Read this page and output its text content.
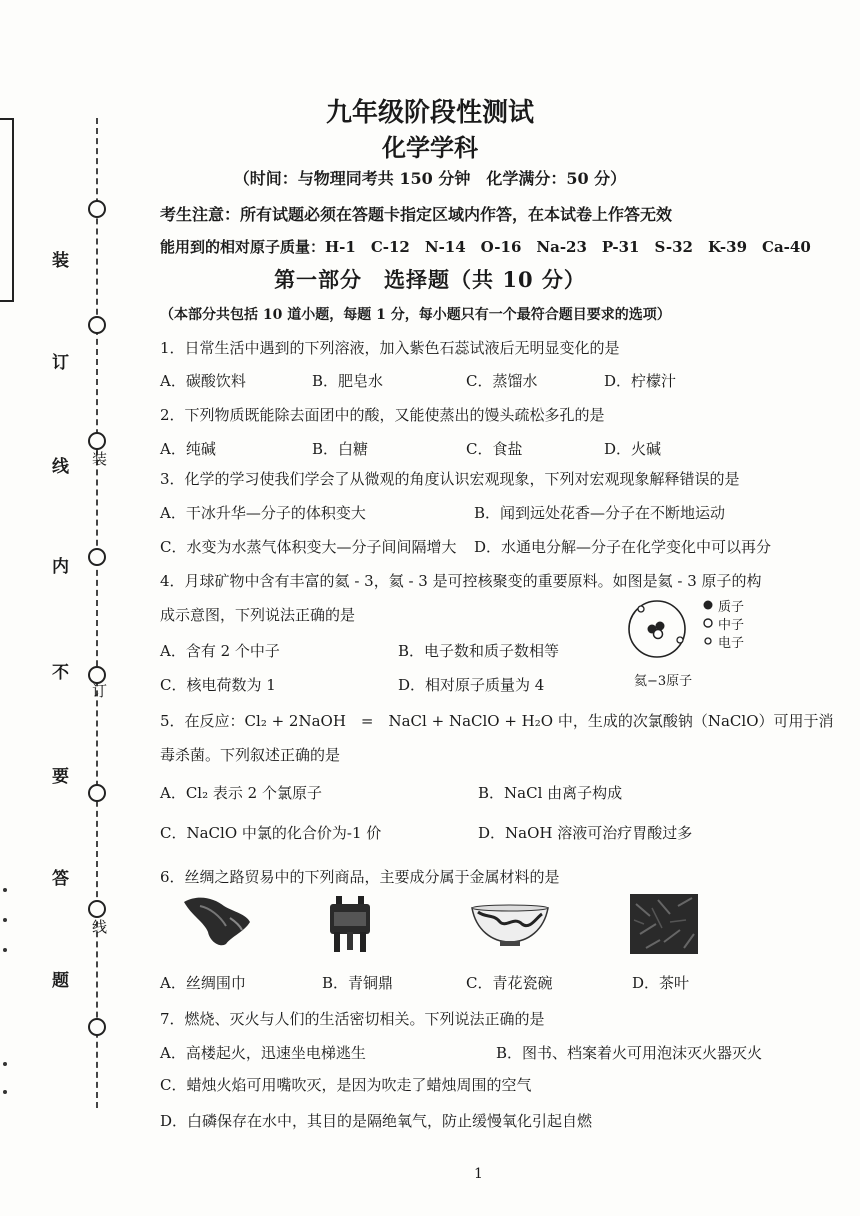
装
订
线
内
不
要
答
题
装
订
线
九年级阶段性测试
化学学科
（时间：与物理同考共 150 分钟　化学满分：50 分）
考生注意：所有试题必须在答题卡指定区域内作答，在本试卷上作答无效
能用到的相对原子质量：H-1　C-12　N-14　O-16　Na-23　P-31　S-32　K-39　Ca-40
第一部分　选择题（共 10 分）
（本部分共包括 10 道小题，每题 1 分，每小题只有一个最符合题目要求的选项）
1．日常生活中遇到的下列溶液，加入紫色石蕊试液后无明显变化的是
A．碳酸饮料	B．肥皂水	C．蒸馏水	D．柠檬汁
2．下列物质既能除去面团中的酸，又能使蒸出的馒头疏松多孔的是
A．纯碱	B．白糖	C．食盐	D．火碱
3．化学的学习使我们学会了从微观的角度认识宏观现象，下列对宏观现象解释错误的是
A．干冰升华—分子的体积变大	B．闻到远处花香—分子在不断地运动
C．水变为水蒸气体积变大—分子间间隔增大 D．水通电分解—分子在化学变化中可以再分
4．月球矿物中含有丰富的氦 - 3，氦 - 3 是可控核聚变的重要原料。如图是氦 - 3 原子的构
成示意图，下列说法正确的是
A．含有 2 个中子	B．电子数和质子数相等
C．核电荷数为 1	D．相对原子质量为 4
质子
中子
电子
氦−3原子
5．在反应：Cl₂ + 2NaOH　=　NaCl + NaClO + H₂O 中，生成的次氯酸钠（NaClO）可用于消
毒杀菌。下列叙述正确的是
A．Cl₂ 表示 2 个氯原子	B．NaCl 由离子构成
C．NaClO 中氯的化合价为-1 价	D．NaOH 溶液可治疗胃酸过多
6．丝绸之路贸易中的下列商品，主要成分属于金属材料的是
A．丝绸围巾	B．青铜鼎	C．青花瓷碗	D．茶叶
7．燃烧、灭火与人们的生活密切相关。下列说法正确的是
A．高楼起火，迅速坐电梯逃生	B．图书、档案着火可用泡沫灭火器灭火
C．蜡烛火焰可用嘴吹灭，是因为吹走了蜡烛周围的空气
D．白磷保存在水中，其目的是隔绝氧气，防止缓慢氧化引起自燃
1
